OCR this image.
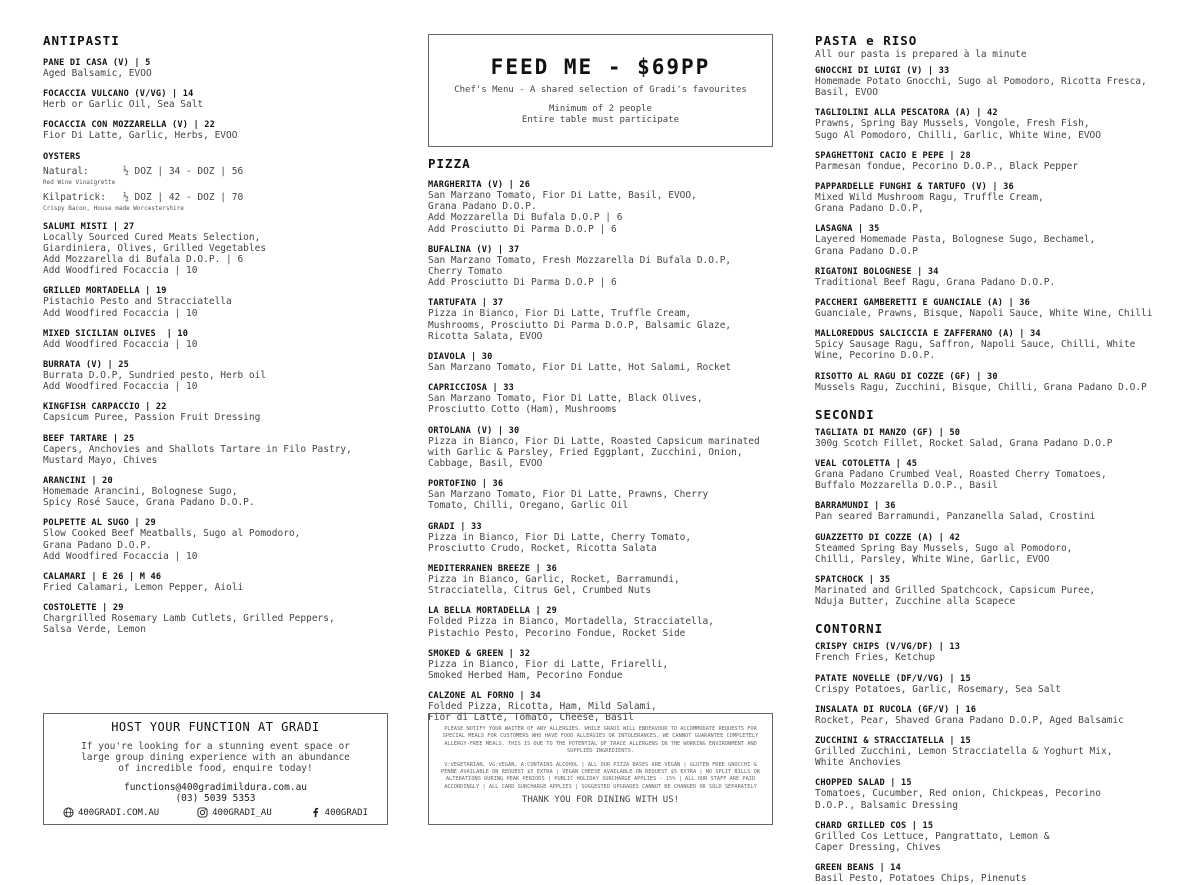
ANTIPASTI
PANE DI CASA (V) | 5
Aged Balsamic, EVOO
FOCACCIA VULCANO (V/VG) | 14
Herb or Garlic Oil, Sea Salt
FOCACCIA CON MOZZARELLA (V) | 22
Fior Di Latte, Garlic, Herbs, EVOO
OYSTERS
Natural:      ½ DOZ | 34 - DOZ | 56
Red Wine Vinaigrette
Kilpatrick:   ½ DOZ | 42 - DOZ | 70
Crispy Bacon, House made Worcestershire
SALUMI MISTI | 27
Locally Sourced Cured Meats Selection,
Giardiniera, Olives, Grilled Vegetables
Add Mozzarella di Bufala D.O.P. | 6
Add Woodfired Focaccia | 10
GRILLED MORTADELLA | 19
Pistachio Pesto and Stracciatella
Add Woodfired Focaccia | 10
MIXED SICILIAN OLIVES  | 10
Add Woodfired Focaccia | 10
BURRATA (V) | 25
Burrata D.O.P, Sundried pesto, Herb oil
Add Woodfired Focaccia | 10
KINGFISH CARPACCIO | 22
Capsicum Puree, Passion Fruit Dressing
BEEF TARTARE | 25
Capers, Anchovies and Shallots Tartare in Filo Pastry,
Mustard Mayo, Chives
ARANCINI | 20
Homemade Arancini, Bolognese Sugo,
Spicy Rosé Sauce, Grana Padano D.O.P.
POLPETTE AL SUGO | 29
Slow Cooked Beef Meatballs, Sugo al Pomodoro,
Grana Padano D.O.P.
Add Woodfired Focaccia | 10
CALAMARI | E 26 | M 46
Fried Calamari, Lemon Pepper, Aioli
COSTOLETTE | 29
Chargrilled Rosemary Lamb Cutlets, Grilled Peppers,
Salsa Verde, Lemon
HOST YOUR FUNCTION AT GRADI
If you're looking for a stunning event space or
large group dining experience with an abundance
of incredible food, enquire today!
functions@400gradimildura.com.au
(03) 5039 5353
400GRADI.COM.AU	400GRADI_AU	400GRADI
FEED ME - $69PP
Chef's Menu - A shared selection of Gradi's favourites
Minimum of 2 people
Entire table must participate
PIZZA
MARGHERITA (V) | 26
San Marzano Tomato, Fior Di Latte, Basil, EVOO,
Grana Padano D.O.P.
Add Mozzarella Di Bufala D.O.P | 6
Add Prosciutto Di Parma D.O.P | 6
BUFALINA (V) | 37
San Marzano Tomato, Fresh Mozzarella Di Bufala D.O.P,
Cherry Tomato
Add Prosciutto Di Parma D.O.P | 6
TARTUFATA | 37
Pizza in Bianco, Fior Di Latte, Truffle Cream,
Mushrooms, Prosciutto Di Parma D.O.P, Balsamic Glaze,
Ricotta Salata, EVOO
DIAVOLA | 30
San Marzano Tomato, Fior Di Latte, Hot Salami, Rocket
CAPRICCIOSA | 33
San Marzano Tomato, Fior Di Latte, Black Olives,
Prosciutto Cotto (Ham), Mushrooms
ORTOLANA (V) | 30
Pizza in Bianco, Fior Di Latte, Roasted Capsicum marinated
with Garlic & Parsley, Fried Eggplant, Zucchini, Onion,
Cabbage, Basil, EVOO
PORTOFINO | 36
San Marzano Tomato, Fior Di Latte, Prawns, Cherry
Tomato, Chilli, Oregano, Garlic Oil
GRADI | 33
Pizza in Bianco, Fior Di Latte, Cherry Tomato,
Prosciutto Crudo, Rocket, Ricotta Salata
MEDITERRANEN BREEZE | 36
Pizza in Bianco, Garlic, Rocket, Barramundi,
Stracciatella, Citrus Gel, Crumbed Nuts
LA BELLA MORTADELLA | 29
Folded Pizza in Bianco, Mortadella, Stracciatella,
Pistachio Pesto, Pecorino Fondue, Rocket Side
SMOKED & GREEN | 32
Pizza in Bianco, Fior di Latte, Friarelli,
Smoked Herbed Ham, Pecorino Fondue
CALZONE AL FORNO | 34
Folded Pizza, Ricotta, Ham, Mild Salami,
Fior di Latte, Tomato, Cheese, Basil
PLEASE NOTIFY YOUR WAITER OF ANY ALLERGIES. WHILE GRADI WILL ENDEAVOUR TO ACCOMMODATE REQUESTS FOR SPECIAL MEALS FOR CUSTOMERS WHO HAVE FOOD ALLERGIES OR INTOLERANCES, WE CANNOT GUARANTEE COMPLETELY ALLERGY-FREE MEALS. THIS IS DUE TO THE POTENTIAL OF TRACE ALLERGENS IN THE WORKING ENVIRONMENT AND SUPPLIED INGREDIENTS.
V:VEGETARIAN, VG:VEGAN, A:CONTAINS ALCOHOL | ALL OUR PIZZA BASES ARE VEGAN | GLUTEN FREE GNOCCHI & PENNE AVAILABLE ON REQUEST $5 EXTRA | VEGAN CHEESE AVAILABLE ON REQUEST $5 EXTRA | NO SPLIT BILLS OR ALTERATIONS DURING PEAK PERIODS | PUBLIC HOLIDAY SURCHARGE APPLIES - 15% | ALL OUR STAFF ARE PAID ACCORDINGLY | ALL CARD SURCHARGE APPLIES | SUGGESTED UPGRADES CANNOT BE CHANGED OR SOLD SEPARATELY
THANK YOU FOR DINING WITH US!
PASTA e RISO
All our pasta is prepared à la minute
GNOCCHI DI LUIGI (V) | 33
Homemade Potato Gnocchi, Sugo al Pomodoro, Ricotta Fresca,
Basil, EVOO
TAGLIOLINI ALLA PESCATORA (A) | 42
Prawns, Spring Bay Mussels, Vongole, Fresh Fish,
Sugo Al Pomodoro, Chilli, Garlic, White Wine, EVOO
SPAGHETTONI CACIO E PEPE | 28
Parmesan fondue, Pecorino D.O.P., Black Pepper
PAPPARDELLE FUNGHI & TARTUFO (V) | 36
Mixed Wild Mushroom Ragu, Truffle Cream,
Grana Padano D.O.P,
LASAGNA | 35
Layered Homemade Pasta, Bolognese Sugo, Bechamel,
Grana Padano D.O.P
RIGATONI BOLOGNESE | 34
Traditional Beef Ragu, Grana Padano D.O.P.
PACCHERI GAMBERETTI E GUANCIALE (A) | 36
Guanciale, Prawns, Bisque, Napoli Sauce, White Wine, Chilli
MALLOREDDUS SALCICCIA E ZAFFERANO (A) | 34
Spicy Sausage Ragu, Saffron, Napoli Sauce, Chilli, White
Wine, Pecorino D.O.P.
RISOTTO AL RAGU DI COZZE (GF) | 30
Mussels Ragu, Zucchini, Bisque, Chilli, Grana Padano D.O.P
SECONDI
TAGLIATA DI MANZO (GF) | 50
300g Scotch Fillet, Rocket Salad, Grana Padano D.O.P
VEAL COTOLETTA | 45
Grana Padano Crumbed Veal, Roasted Cherry Tomatoes,
Buffalo Mozzarella D.O.P., Basil
BARRAMUNDI | 36
Pan seared Barramundi, Panzanella Salad, Crostini
GUAZZETTO DI COZZE (A) | 42
Steamed Spring Bay Mussels, Sugo al Pomodoro,
Chilli, Parsley, White Wine, Garlic, EVOO
SPATCHOCK | 35
Marinated and Grilled Spatchcock, Capsicum Puree,
Nduja Butter, Zucchine alla Scapece
CONTORNI
CRISPY CHIPS (V/VG/DF) | 13
French Fries, Ketchup
PATATE NOVELLE (DF/V/VG) | 15
Crispy Potatoes, Garlic, Rosemary, Sea Salt
INSALATA DI RUCOLA (GF/V) | 16
Rocket, Pear, Shaved Grana Padano D.O.P, Aged Balsamic
ZUCCHINI & STRACCIATELLA | 15
Grilled Zucchini, Lemon Stracciatella & Yoghurt Mix,
White Anchovies
CHOPPED SALAD | 15
Tomatoes, Cucumber, Red onion, Chickpeas, Pecorino
D.O.P., Balsamic Dressing
CHARD GRILLED COS | 15
Grilled Cos Lettuce, Pangrattato, Lemon &
Caper Dressing, Chives
GREEN BEANS | 14
Basil Pesto, Potatoes Chips, Pinenuts
